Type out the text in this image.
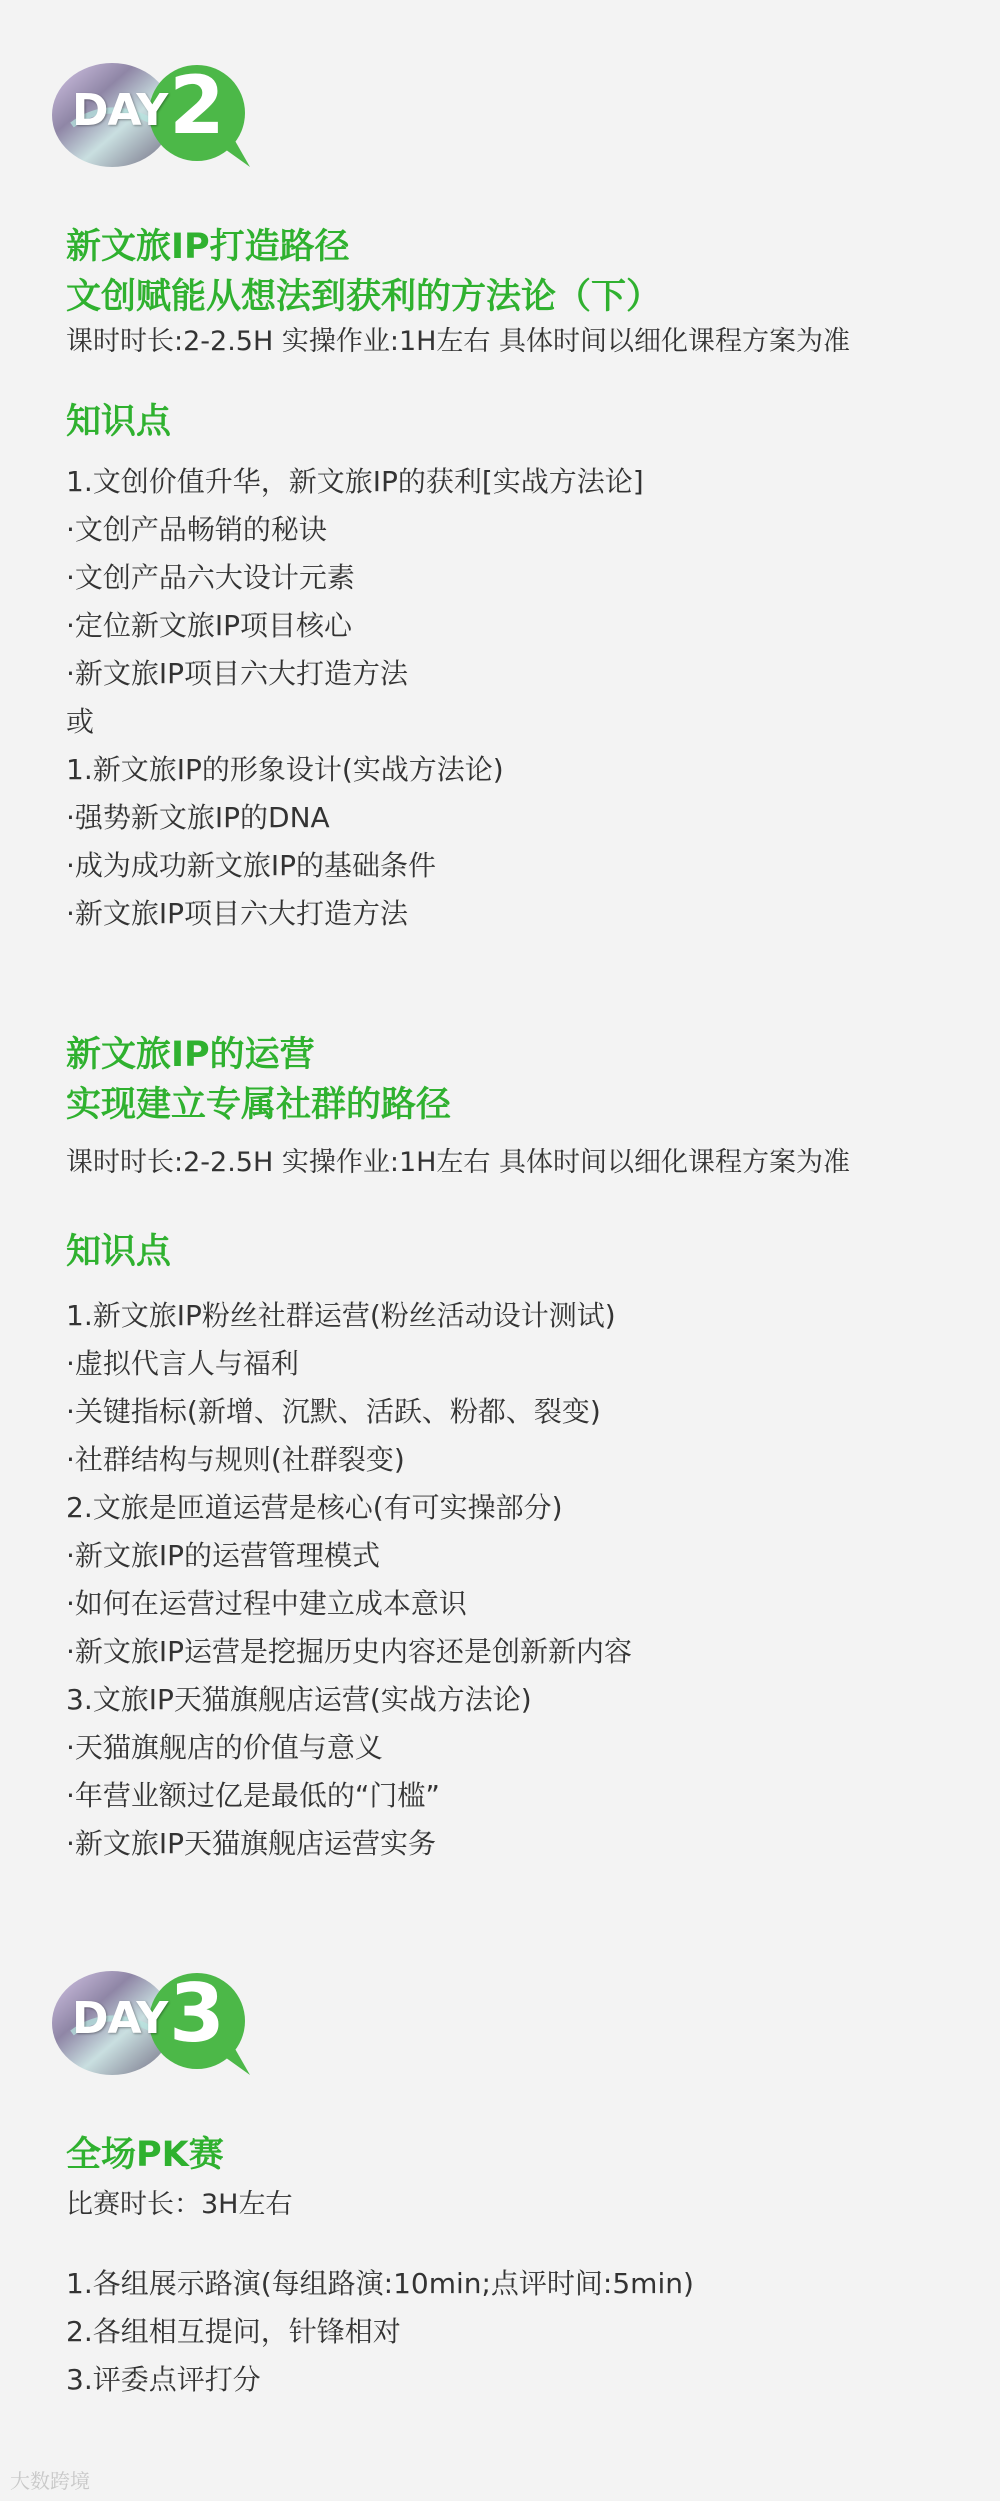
DAY 2
新文旅IP打造路径
文创赋能从想法到获利的方法论（下）

课时时长:2-2.5H 实操作业:1H左右 具体时间以细化课程方案为准

知识点
1.文创价值升华，新文旅IP的获利[实战方法论]
·文创产品畅销的秘诀
·文创产品六大设计元素
·定位新文旅IP项目核心
·新文旅IP项目六大打造方法
或
1.新文旅IP的形象设计(实战方法论)
·强势新文旅IP的DNA
·成为成功新文旅IP的基础条件
·新文旅IP项目六大打造方法
新文旅IP的运营
实现建立专属社群的路径

课时时长:2-2.5H 实操作业:1H左右 具体时间以细化课程方案为准

知识点
1.新文旅IP粉丝社群运营(粉丝活动设计测试)
·虚拟代言人与福利
·关键指标(新增、沉默、活跃、粉都、裂变)
·社群结构与规则(社群裂变)
2.文旅是匝道运营是核心(有可实操部分)
·新文旅IP的运营管理模式
·如何在运营过程中建立成本意识
·新文旅IP运营是挖掘历史内容还是创新新内容
3.文旅IP天猫旗舰店运营(实战方法论)
·天猫旗舰店的价值与意义
·年营业额过亿是最低的“门槛”
·新文旅IP天猫旗舰店运营实务
DAY 3
全场PK赛

比赛时长：3H左右

1.各组展示路演(每组路演:10min;点评时间:5min)
2.各组相互提问，针锋相对
3.评委点评打分
大数跨境
